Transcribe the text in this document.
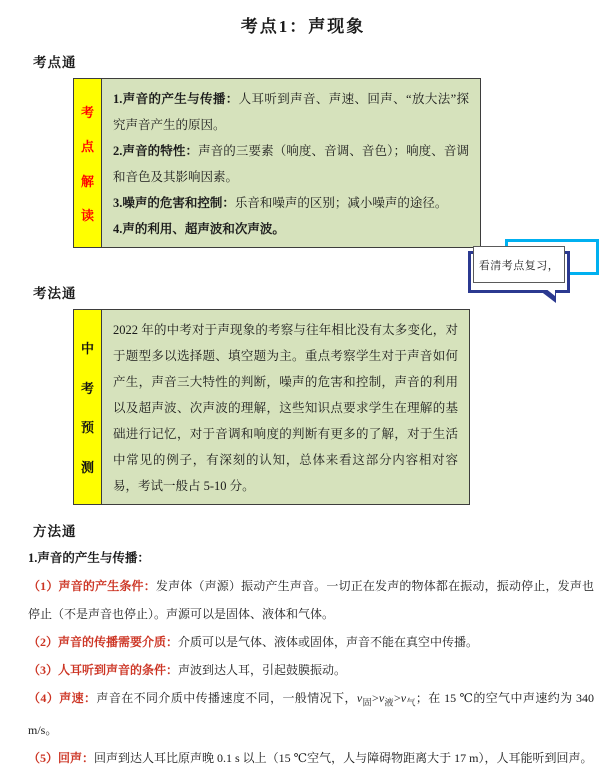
考点1：声现象
考点通
考
点
解
读

1.声音的产生与传播：人耳听到声音、声速、回声、“放大法”探究声音产生的原因。

2.声音的特性：声音的三要素（响度、音调、音色）；响度、音调和音色及其影响因素。

3.噪声的危害和控制：乐音和噪声的区别；减小噪声的途径。

4.声的利用、超声波和次声波。

看清考点复习，
考法通
中
考
预
测

2022 年的中考对于声现象的考察与往年相比没有太多变化，对于题型多以选择题、填空题为主。重点考察学生对于声音如何产生，声音三大特性的判断，噪声的危害和控制，声音的利用以及超声波、次声波的理解，这些知识点要求学生在理解的基础进行记忆，对于音调和响度的判断有更多的了解，对于生活中常见的例子，有深刻的认知，总体来看这部分内容相对容易，考试一般占 5-10 分。

方法通

1.声音的产生与传播：

（1）声音的产生条件：发声体（声源）振动产生声音。一切正在发声的物体都在振动，振动停止，发声也停止（不是声音也停止）。声源可以是固体、液体和气体。

（2）声音的传播需要介质：介质可以是气体、液体或固体，声音不能在真空中传播。

（3）人耳听到声音的条件：声波到达人耳，引起鼓膜振动。

（4）声速：声音在不同介质中传播速度不同，一般情况下，$v_固>v_液>v_气$；在 15 ℃的空气中声速约为 340 m/s。

（5）回声：回声到达人耳比原声晚 0.1 s 以上（15 ℃空气，人与障碍物距离大于 17 m），人耳能听到回声。
